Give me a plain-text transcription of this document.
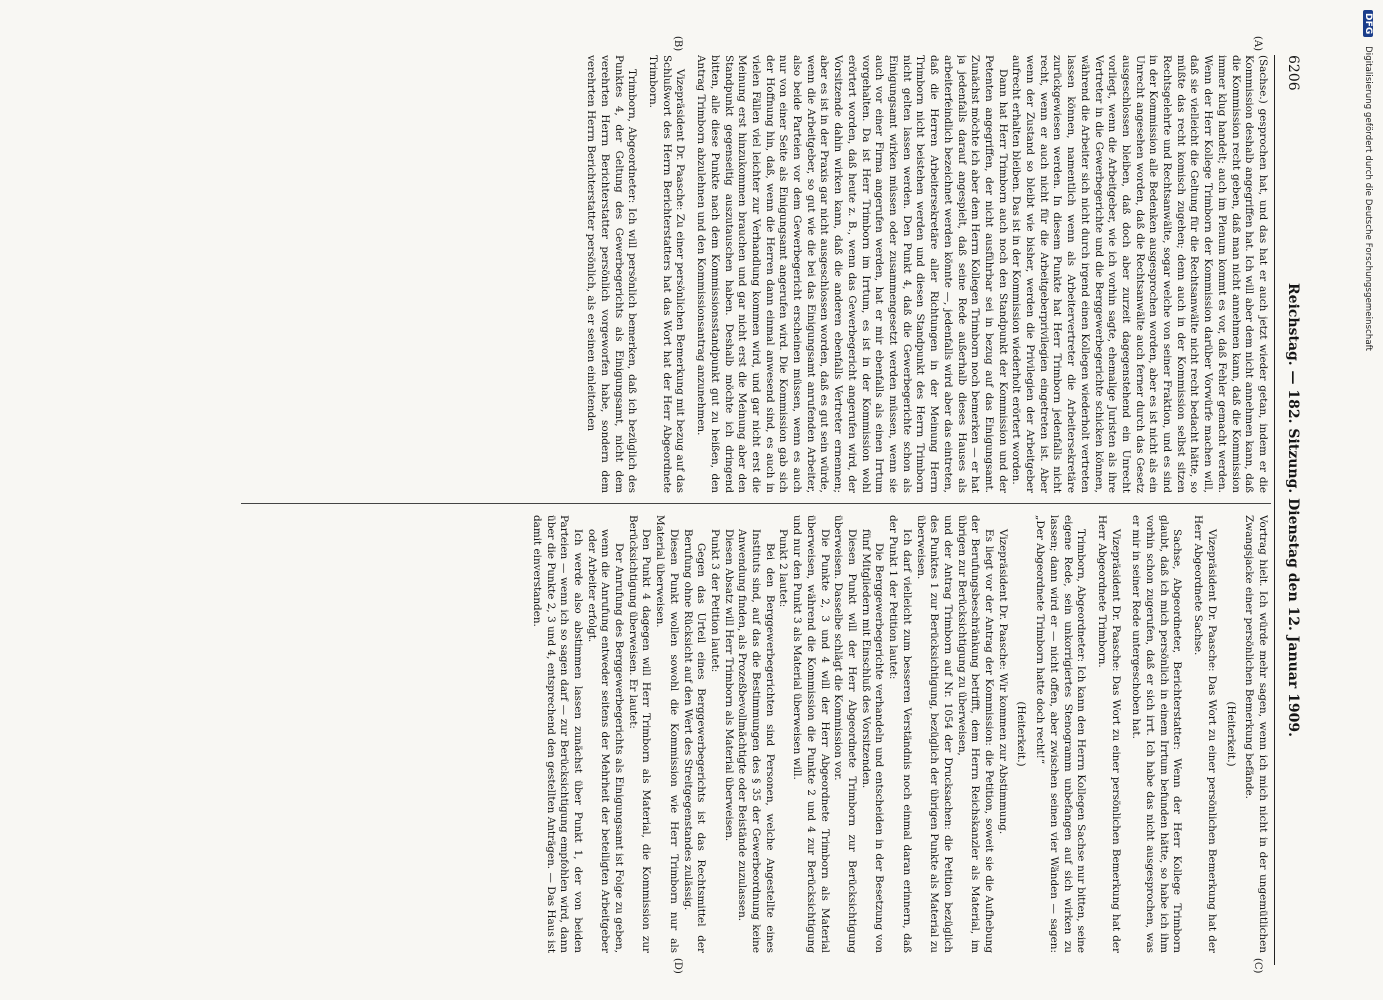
DFG Digitalisierung gefördert durch die Deutsche Forschungsgemeinschaft
6206
Reichstag. — 182. Sitzung. Dienstag den 12. Januar 1909.
(A)
(B)
(C)
(D)

(Sachse.) gesprochen hat, und das hat er auch jetzt wieder getan, indem er die Kommission deshalb angegriffen hat. Ich will aber dem nicht annehmen kann, daß die Kommission recht geben, daß man nicht annehmen kann, daß die Kommission immer klug handelt; auch im Plenum kommt es vor, daß Fehler gemacht werden. Wenn der Herr Kollege Trimborn der Kommission darüber Vorwürfe machen will, daß sie vielleicht die Geltung für die Rechtsanwälte nicht recht bedacht hätte, so müßte das recht komisch zugehen; denn auch in der Kommission selbst sitzen Rechtsgelehrte und Rechtsanwälte, sogar welche von seiner Fraktion, und es sind in der Kommission alle Bedenken ausgesprochen worden, aber es ist nicht als ein Unrecht angesehen worden, daß die Rechtsanwälte auch ferner durch das Gesetz ausgeschlossen bleiben, daß doch aber zurzeit dagegenstehend ein Unrecht vorliegt, wenn die Arbeitgeber, wie ich vorhin sagte, ehemalige Juristen als ihre Vertreter in die Gewerbegerichte und die Berggewerbegerichte schicken können, während die Arbeiter sich nicht durch irgend einen Kollegen wiederholt vertreten lassen können, namentlich wenn als Arbeitervertreter die Arbeitersekretäre zurückgewiesen werden. In diesem Punkte hat Herr Trimborn jedenfalls nicht recht, wenn er auch nicht für die Arbeitgeberprivilegien eingetreten ist. Aber wenn der Zustand so bleibt wie bisher, werden die Privilegien der Arbeitgeber aufrecht erhalten bleiben. Das ist in der Kommission wiederholt erörtert worden.

Dann hat Herr Trimborn auch noch den Standpunkt der Kommission und der Petenten angegriffen, der nicht ausführbar sei in bezug auf das Einigungsamt. Zunächst möchte ich aber dem Herrn Kollegen Trimborn noch bemerken — er hat ja jedenfalls darauf angespielt, daß seine Rede außerhalb dieses Hauses als arbeiterfeindlich bezeichnet werden könnte —, jedenfalls wird aber das eintreten, daß die Herren Arbeitersekretäre aller Richtungen in der Meinung Herrn Trimborn nicht beistehen werden und diesen Standpunkt des Herrn Trimborn nicht gelten lassen werden. Den Punkt 4, daß die Gewerbegerichte schon als Einigungsamt wirken müssen oder zusammengesetzt werden müssen, wenn sie auch vor einer Firma angerufen werden, hat er mir ebenfalls als einen Irrtum vorgehalten. Da ist Herr Trimborn im Irrtum, es ist in der Kommission wohl erörtert worden, daß heute z. B., wenn das Gewerbegericht angerufen wird, der Vorsitzende dahin wirken kann, daß die anderen ebenfalls Vertreter ernennen; aber es ist in der Praxis gar nicht ausgeschlossen worden, daß es gut sein würde, wenn die Arbeitgeber, so gut wie die bei das Einigungsamt anrufenden Arbeiter, also beide Parteien vor dem Gewerbegericht erscheinen müssen, wenn es auch nur von einer Seite als Einigungsamt angerufen wird. Die Kommission gab sich der Hoffnung hin, daß, wenn die Herren dann einmal anwesend sind, es auch in vielen Fällen viel leichter zur Verhandlung kommen wird, und gar nicht erst die Meinung erst hinzukommen brauchen und gar nicht erst die Meinung aber den Standpunkt gegenseitig auszutauschen haben. Deshalb möchte ich dringend bitten, alle diese Punkte nach dem Kommissionsstandpunkt gut zu heißen, den Antrag Trimborn abzulehnen und den Kommissionsantrag anzunehmen.

Vizepräsident Dr. Paasche: Zu einer persönlichen Bemerkung mit bezug auf das Schlußwort des Herrn Berichterstatters hat das Wort hat der Herr Abgeordnete Trimborn.

Trimborn, Abgeordneter: Ich will persönlich bemerken, daß ich bezüglich des Punktes 4, der Geltung des Gewerbegerichts als Einigungsamt, nicht dem verehrten Herrn Berichterstatter persönlich vorgeworfen habe, sondern dem verehrten Herrn Berichterstatter persönlich, als er seinen einleitenden

Vortrag hielt. Ich würde mehr sagen, wenn ich mich nicht in der ungemütlichen Zwangsjacke einer persönlichen Bemerkung befände.

(Heiterkeit.)

Vizepräsident Dr. Paasche: Das Wort zu einer persönlichen Bemerkung hat der Herr Abgeordnete Sachse.

Sachse, Abgeordneter, Berichterstatter: Wenn der Herr Kollege Trimborn glaubt, daß ich mich persönlich in einem Irrtum befunden hätte, so habe ich ihm vorhin schon zugerufen, daß er sich irrt. Ich habe das nicht ausgesprochen, was er mir in seiner Rede untergeschoben hat.

Vizepräsident Dr. Paasche: Das Wort zu einer persönlichen Bemerkung hat der Herr Abgeordnete Trimborn.

Trimborn, Abgeordneter: Ich kann den Herrn Kollegen Sachse nur bitten, seine eigene Rede, sein unkorrigiertes Stenogramm unbefangen auf sich wirken zu lassen; dann wird er — nicht offen, aber zwischen seinen vier Wänden — sagen: „Der Abgeordnete Trimborn hatte doch recht!“

(Heiterkeit.)

Vizepräsident Dr. Paasche: Wir kommen zur Abstimmung.

Es liegt vor der Antrag der Kommission: die Petition, soweit sie die Aufhebung der Berufungsbeschränkung betrifft, dem Herrn Reichskanzler als Material, im übrigen zur Berücksichtigung zu überweisen,

und der Antrag Trimborn auf Nr. 1054 der Drucksachen: die Petition bezüglich des Punktes 1 zur Berücksichtigung, bezüglich der übrigen Punkte als Material zu überweisen.

Ich darf vielleicht zum besseren Verständnis noch einmal daran erinnern, daß der Punkt 1 der Petition lautet:

Die Berggewerbegerichte verhandeln und entscheiden in der Besetzung von fünf Mitgliedern mit Einschluß des Vorsitzenden.

Diesen Punkt will der Herr Abgeordnete Trimborn zur Berücksichtigung überweisen. Dasselbe schlägt die Kommission vor.

Die Punkte 2, 3 und 4 will der Herr Abgeordnete Trimborn als Material überweisen, während die Kommission die Punkte 2 und 4 zur Berücksichtigung und nur den Punkt 3 als Material überweisen will.

Punkt 2 lautet:

Bei den Berggewerbegerichten sind Personen, welche Angestellte eines Instituts sind, auf das die Bestimmungen des § 35 der Gewerbeordnung keine Anwendung finden, als Prozeßbevollmächtigte oder Beistände zuzulassen.

Diesen Absatz will Herr Trimborn als Material überweisen.

Punkt 3 der Petition lautet:

Gegen das Urteil eines Berggewerbegerichts ist das Rechtsmittel der Berufung ohne Rücksicht auf den Wert des Streitgegenstandes zulässig.

Diesen Punkt wollen sowohl die Kommission wie Herr Trimborn nur als Material überweisen.

Den Punkt 4 dagegen will Herr Trimborn als Material, die Kommission zur Berücksichtigung überweisen. Er lautet:

Der Anrufung des Berggewerbegerichts als Einigungsamt ist Folge zu geben, wenn die Anrufung entweder seitens der Mehrheit der beteiligten Arbeitgeber oder Arbeiter erfolgt.

Ich werde also abstimmen lassen zunächst über Punkt 1, der von beiden Parteien — wenn ich so sagen darf — zur Berücksichtigung empfohlen wird, dann über die Punkte 2, 3 und 4, entsprechend den gestellten Anträgen. — Das Haus ist damit einverstanden.
